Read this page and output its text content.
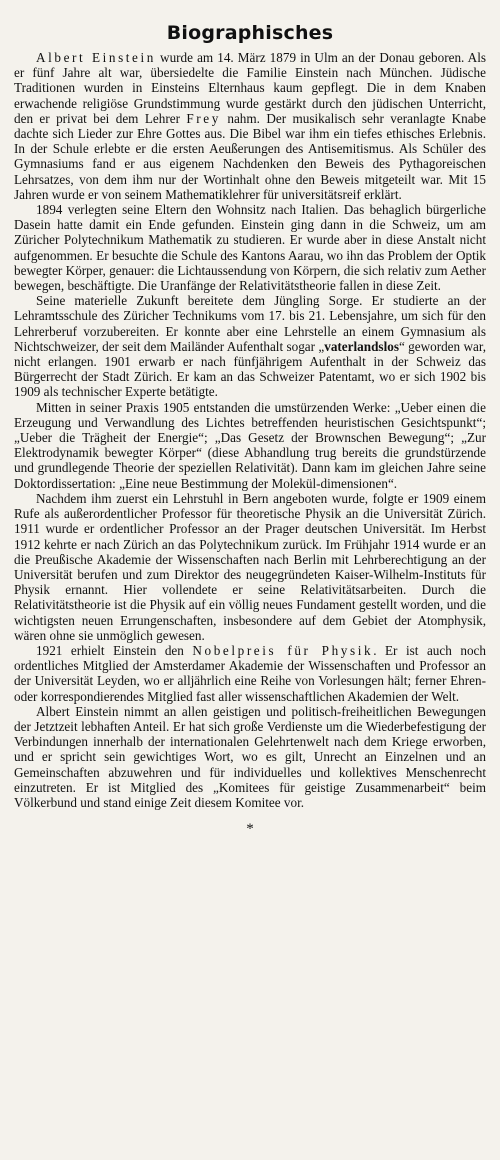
Biographisches

Albert Einstein wurde am 14. März 1879 in Ulm an der Donau geboren. Als er fünf Jahre alt war, übersiedelte die Familie Einstein nach München. Jüdische Traditionen wurden in Einsteins Elternhaus kaum gepflegt. Die in dem Knaben erwachende religiöse Grundstimmung wurde gestärkt durch den jüdischen Unterricht, den er privat bei dem Lehrer Frey nahm. Der musikalisch sehr veranlagte Knabe dachte sich Lieder zur Ehre Gottes aus. Die Bibel war ihm ein tiefes ethisches Erlebnis. In der Schule erlebte er die ersten Aeußerungen des Antisemitismus. Als Schüler des Gymnasiums fand er aus eigenem Nachdenken den Beweis des Pythagoreischen Lehrsatzes, von dem ihm nur der Wortinhalt ohne den Beweis mitgeteilt war. Mit 15 Jahren wurde er von seinem Mathematiklehrer für universitätsreif erklärt.

1894 verlegten seine Eltern den Wohnsitz nach Italien. Das behaglich bürgerliche Dasein hatte damit ein Ende gefunden. Einstein ging dann in die Schweiz, um am Züricher Polytechnikum Mathematik zu studieren. Er wurde aber in diese Anstalt nicht aufgenommen. Er besuchte die Schule des Kantons Aarau, wo ihn das Problem der Optik bewegter Körper, genauer: die Lichtaussendung von Körpern, die sich relativ zum Aether bewegen, beschäftigte. Die Uranfänge der Relativitätstheorie fallen in diese Zeit.

Seine materielle Zukunft bereitete dem Jüngling Sorge. Er studierte an der Lehramtsschule des Züricher Technikums vom 17. bis 21. Lebensjahre, um sich für den Lehrerberuf vorzubereiten. Er konnte aber eine Lehrstelle an einem Gymnasium als Nichtschweizer, der seit dem Mailänder Aufenthalt sogar „vaterlandslos“ geworden war, nicht erlangen. 1901 erwarb er nach fünfjährigem Aufenthalt in der Schweiz das Bürgerrecht der Stadt Zürich. Er kam an das Schweizer Patentamt, wo er sich 1902 bis 1909 als technischer Experte betätigte.

Mitten in seiner Praxis 1905 entstanden die umstürzenden Werke: „Ueber einen die Erzeugung und Verwandlung des Lichtes betreffenden heuristischen Gesichtspunkt“; „Ueber die Trägheit der Energie“; „Das Gesetz der Brownschen Bewegung“; „Zur Elektrodynamik bewegter Körper“ (diese Abhandlung trug bereits die grundstürzende und grundlegende Theorie der speziellen Relativität). Dann kam im gleichen Jahre seine Doktordissertation: „Eine neue Bestimmung der Molekül-dimensionen“.

Nachdem ihm zuerst ein Lehrstuhl in Bern angeboten wurde, folgte er 1909 einem Rufe als außerordentlicher Professor für theoretische Physik an die Universität Zürich. 1911 wurde er ordentlicher Professor an der Prager deutschen Universität. Im Herbst 1912 kehrte er nach Zürich an das Polytechnikum zurück. Im Frühjahr 1914 wurde er an die Preußische Akademie der Wissenschaften nach Berlin mit Lehrberechtigung an der Universität berufen und zum Direktor des neugegründeten Kaiser-Wilhelm-Instituts für Physik ernannt. Hier vollendete er seine Relativitätsarbeiten. Durch die Relativitätstheorie ist die Physik auf ein völlig neues Fundament gestellt worden, und die wichtigsten neuen Errungenschaften, insbesondere auf dem Gebiet der Atomphysik, wären ohne sie unmöglich gewesen.

1921 erhielt Einstein den Nobelpreis für Physik. Er ist auch noch ordentliches Mitglied der Amsterdamer Akademie der Wissenschaften und Professor an der Universität Leyden, wo er alljährlich eine Reihe von Vorlesungen hält; ferner Ehren- oder korrespondierendes Mitglied fast aller wissenschaftlichen Akademien der Welt.

Albert Einstein nimmt an allen geistigen und politisch-freiheitlichen Bewegungen der Jetztzeit lebhaften Anteil. Er hat sich große Verdienste um die Wiederbefestigung der Verbindungen innerhalb der internationalen Gelehrtenwelt nach dem Kriege erworben, und er spricht sein gewichtiges Wort, wo es gilt, Unrecht an Einzelnen und an Gemeinschaften abzuwehren und für individuelles und kollektives Menschenrecht einzutreten. Er ist Mitglied des „Komitees für geistige Zusammenarbeit“ beim Völkerbund und stand einige Zeit diesem Komitee vor.

*
